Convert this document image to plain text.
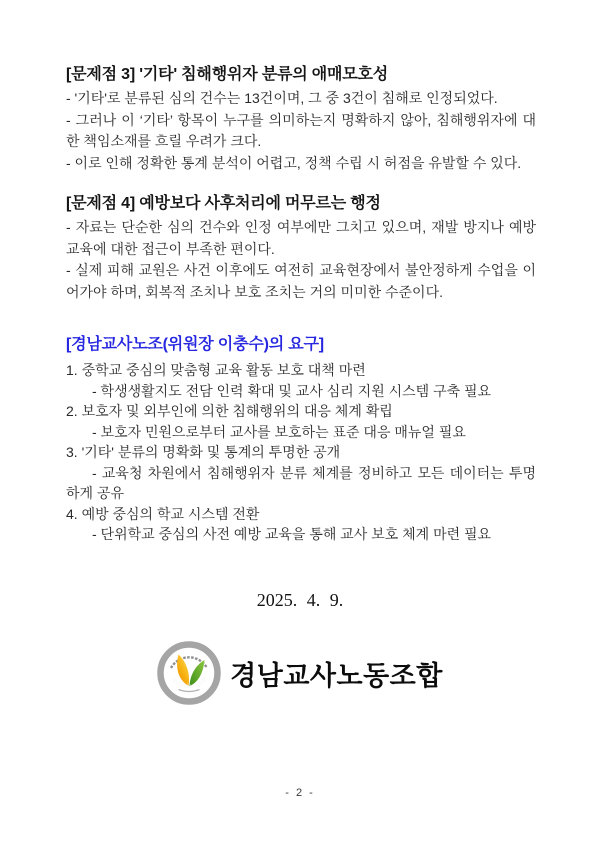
[문제점 3] '기타' 침해행위자 분류의 애매모호성

- '기타'로 분류된 심의 건수는 13건이며, 그 중 3건이 침해로 인정되었다.

- 그러나 이 ‘기타’ 항목이 누구를 의미하는지 명확하지 않아, 침해행위자에 대한 책임소재를 흐릴 우려가 크다.

- 이로 인해 정확한 통계 분석이 어렵고, 정책 수립 시 허점을 유발할 수 있다.

[문제점 4] 예방보다 사후처리에 머무르는 행정

- 자료는 단순한 심의 건수와 인정 여부에만 그치고 있으며, 재발 방지나 예방 교육에 대한 접근이 부족한 편이다.

- 실제 피해 교원은 사건 이후에도 여전히 교육현장에서 불안정하게 수업을 이어가야 하며, 회복적 조치나 보호 조치는 거의 미미한 수준이다.

[경남교사노조(위원장 이충수)의 요구]

1. 중학교 중심의 맞춤형 교육 활동 보호 대책 마련

- 학생생활지도 전담 인력 확대 및 교사 심리 지원 시스템 구축 필요

2. 보호자 및 외부인에 의한 침해행위의 대응 체계 확립

- 보호자 민원으로부터 교사를 보호하는 표준 대응 매뉴얼 필요

3. '기타' 분류의 명확화 및 통계의 투명한 공개

- 교육청 차원에서 침해행위자 분류 체계를 정비하고 모든 데이터는 투명하게 공유

4. 예방 중심의 학교 시스템 전환

- 단위학교 중심의 사전 예방 교육을 통해 교사 보호 체계 마련 필요

2025. 4. 9.
경남교사 노동조합 경남교사노동조합
- 2 -
